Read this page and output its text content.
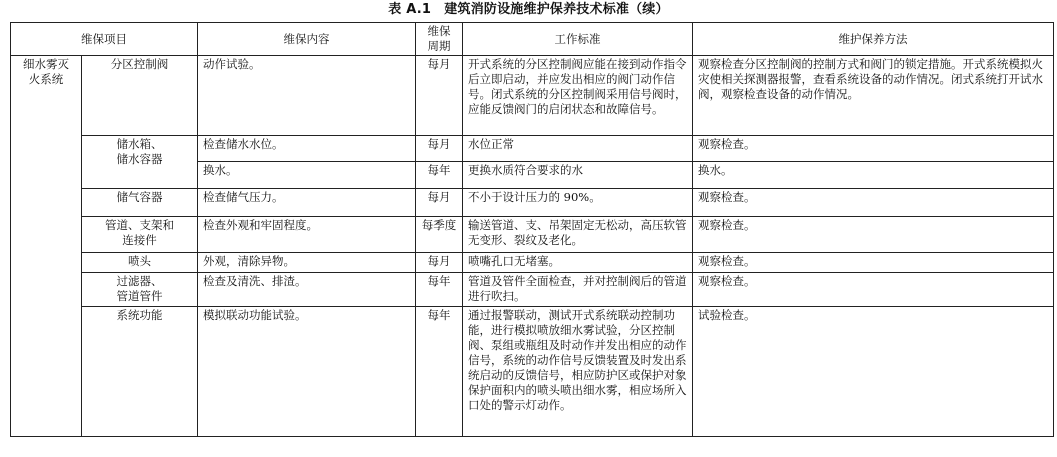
表 A.1　建筑消防设施维护保养技术标准（续）
维保项目		维保内容	维保
周期	工作标准	维护保养方法

细水雾灭
火系统	分区控制阀	动作试验。	每月	开式系统的分区控制阀应能在接到动作指令后立即启动，并应发出相应的阀门动作信号。闭式系统的分区控制阀采用信号阀时，应能反馈阀门的启闭状态和故障信号。	观察检查分区控制阀的控制方式和阀门的锁定措施。开式系统模拟火灾使相关探测器报警，查看系统设备的动作情况。闭式系统打开试水阀，观察检查设备的动作情况。

	储水箱、
储水容器	检查储水水位。	每月	水位正常	观察检查。
		换水。	每年	更换水质符合要求的水	换水。

	储气容器	检查储气压力。	每月	不小于设计压力的 90%。	观察检查。

	管道、支架和
连接件	检查外观和牢固程度。	每季度	输送管道、支、吊架固定无松动，高压软管无变形、裂纹及老化。	观察检查。

	喷头	外观，清除异物。	每月	喷嘴孔口无堵塞。	观察检查。

	过滤器、
管道管件	检查及清洗、排渣。	每年	管道及管件全面检查，并对控制阀后的管道进行吹扫。	观察检查。

	系统功能	模拟联动功能试验。	每年	通过报警联动，测试开式系统联动控制功能，进行模拟喷放细水雾试验，分区控制阀、泵组或瓶组及时动作并发出相应的动作信号，系统的动作信号反馈装置及时发出系统启动的反馈信号，相应防护区或保护对象保护面积内的喷头喷出细水雾，相应场所入口处的警示灯动作。	试验检查。
